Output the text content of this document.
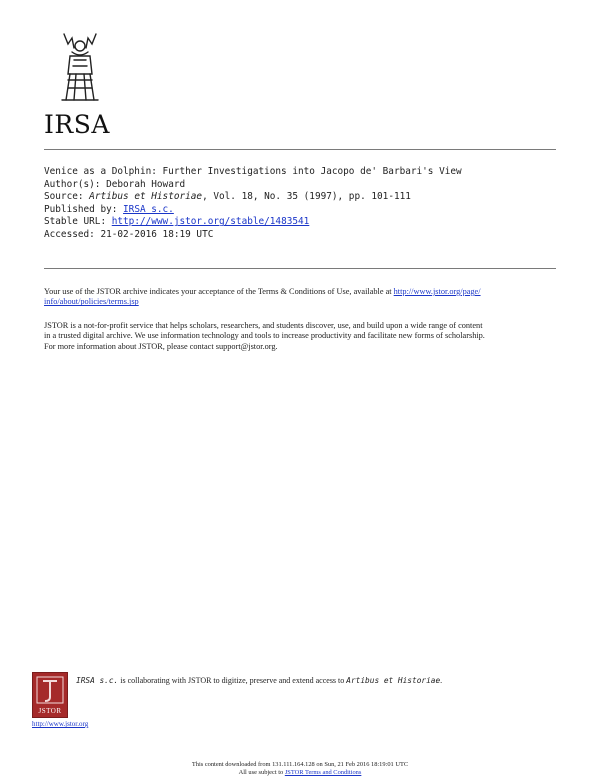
IRSA
Venice as a Dolphin: Further Investigations into Jacopo de' Barbari's View
Author(s): Deborah Howard
Source: Artibus et Historiae, Vol. 18, No. 35 (1997), pp. 101-111
Published by: IRSA s.c.
Stable URL: http://www.jstor.org/stable/1483541
Accessed: 21-02-2016 18:19 UTC

Your use of the JSTOR archive indicates your acceptance of the Terms & Conditions of Use, available at http://www.jstor.org/page/
info/about/policies/terms.jsp

JSTOR is a not-for-profit service that helps scholars, researchers, and students discover, use, and build upon a wide range of content

in a trusted digital archive. We use information technology and tools to increase productivity and facilitate new forms of scholarship.

For more information about JSTOR, please contact support@jstor.org.

JSTOR
IRSA s.c. is collaborating with JSTOR to digitize, preserve and extend access to Artibus et Historiae.
http://www.jstor.org
This content downloaded from 131.111.164.128 on Sun, 21 Feb 2016 18:19:01 UTC
All use subject to JSTOR Terms and Conditions
